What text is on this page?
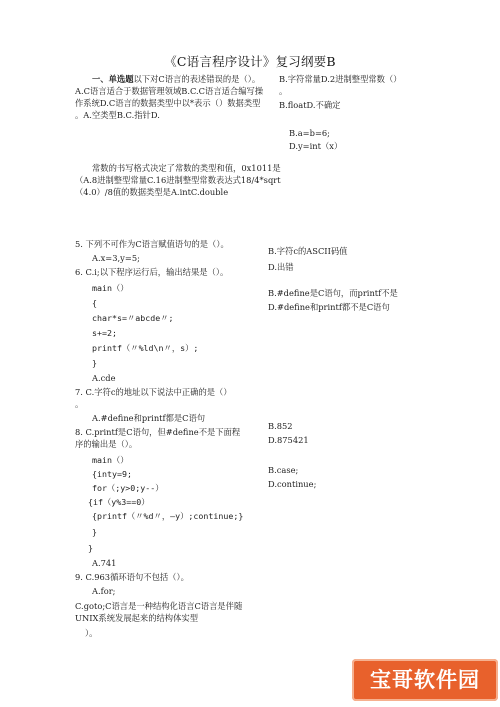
《C语言程序设计》复习纲要B
一、单选题以下对C语言的表述错误的是（）。
A.C语言适合于数据管理领域B.C.C语言适合编写操
作系统D.C语言的数据类型中以*表示（）数据类型
。A.空类型B.C.指针D.
常数的书写格式决定了常数的类型和值，0x1011是
（A.8进制整型常量C.16进制整型常数表达式18/4*sqrt
（4.0）/8值的数据类型是A.intC.double
5. 下列不可作为C语言赋值语句的是（）。
A.x=3,y=5;
6. C.i;以下程序运行后，输出结果是（）。
main（）
{
char*s=〃abcde〃;
s+=2;
printf（〃%ld\n〃，s）;
}
A.cde
7. C.字符c的地址以下说法中正确的是（）
。
A.#define和printf都是C语句
8. C.printf是C语句，但#define不是下面程
序的输出是（）。
main（）
{inty=9;
for（;y>0;y--）
{if（y%3==0）
{printf（〃%d〃，—y）;continue;}
}
}
A.741
9. C.963循环语句不包括（）。
A.for;
C.goto;C语言是一种结构化语言C语言是伴随
UNIX系统发展起来的结构体实型
）。
B.字符常量D.2进制整型常数（）
。
B.floatD.不确定
B.a=b=6;
D.y=int（x）
B.字符c的ASCII码值
D.出错
B.#define是C语句，而printf不是
D.#define和printf都不是C语句
B.852
D.875421
B.case;
D.continue;
宝哥软件园
